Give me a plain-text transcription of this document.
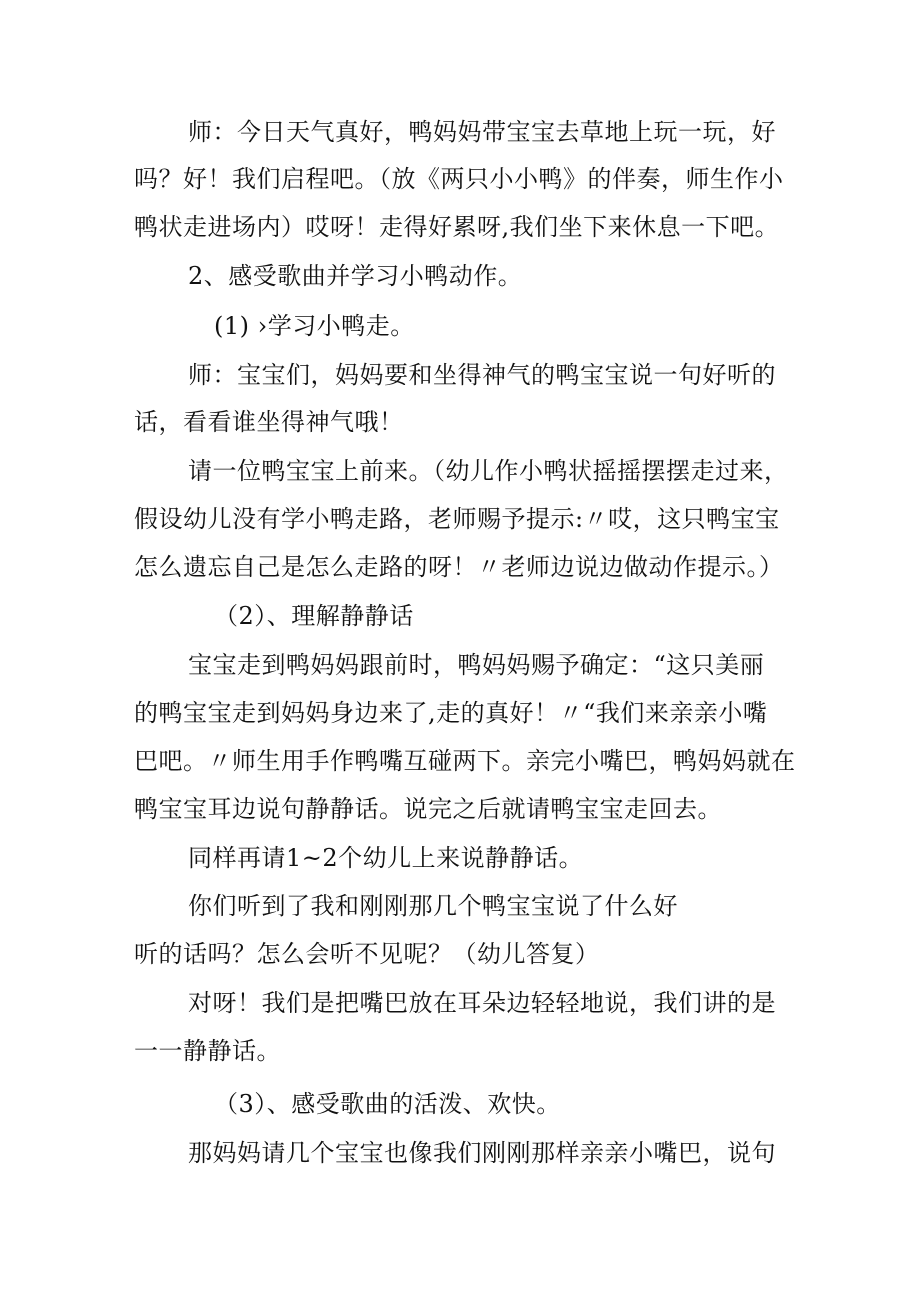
师：今日天气真好，鸭妈妈带宝宝去草地上玩一玩，好
吗？好！我们启程吧。（放《两只小小鸭》的伴奏，师生作小
鸭状走进场内）哎呀！走得好累呀,我们坐下来休息一下吧。
2、感受歌曲并学习小鸭动作。
(1) ›学习小鸭走。
师：宝宝们，妈妈要和坐得神气的鸭宝宝说一句好听的
话，看看谁坐得神气哦！
请一位鸭宝宝上前来。（幼儿作小鸭状摇摇摆摆走过来，
假设幼儿没有学小鸭走路，老师赐予提示:〃哎，这只鸭宝宝
怎么遗忘自己是怎么走路的呀！〃老师边说边做动作提示。）
（2）、理解静静话
宝宝走到鸭妈妈跟前时，鸭妈妈赐予确定：“这只美丽
的鸭宝宝走到妈妈身边来了,走的真好！〃“我们来亲亲小嘴
巴吧。〃师生用手作鸭嘴互碰两下。亲完小嘴巴，鸭妈妈就在
鸭宝宝耳边说句静静话。说完之后就请鸭宝宝走回去。
同样再请1~2个幼儿上来说静静话。
你们听到了我和刚刚那几个鸭宝宝说了什么好
听的话吗？怎么会听不见呢？（幼儿答复）
对呀！我们是把嘴巴放在耳朵边轻轻地说，我们讲的是
一一静静话。
（3）、感受歌曲的活泼、欢快。
那妈妈请几个宝宝也像我们刚刚那样亲亲小嘴巴，说句
